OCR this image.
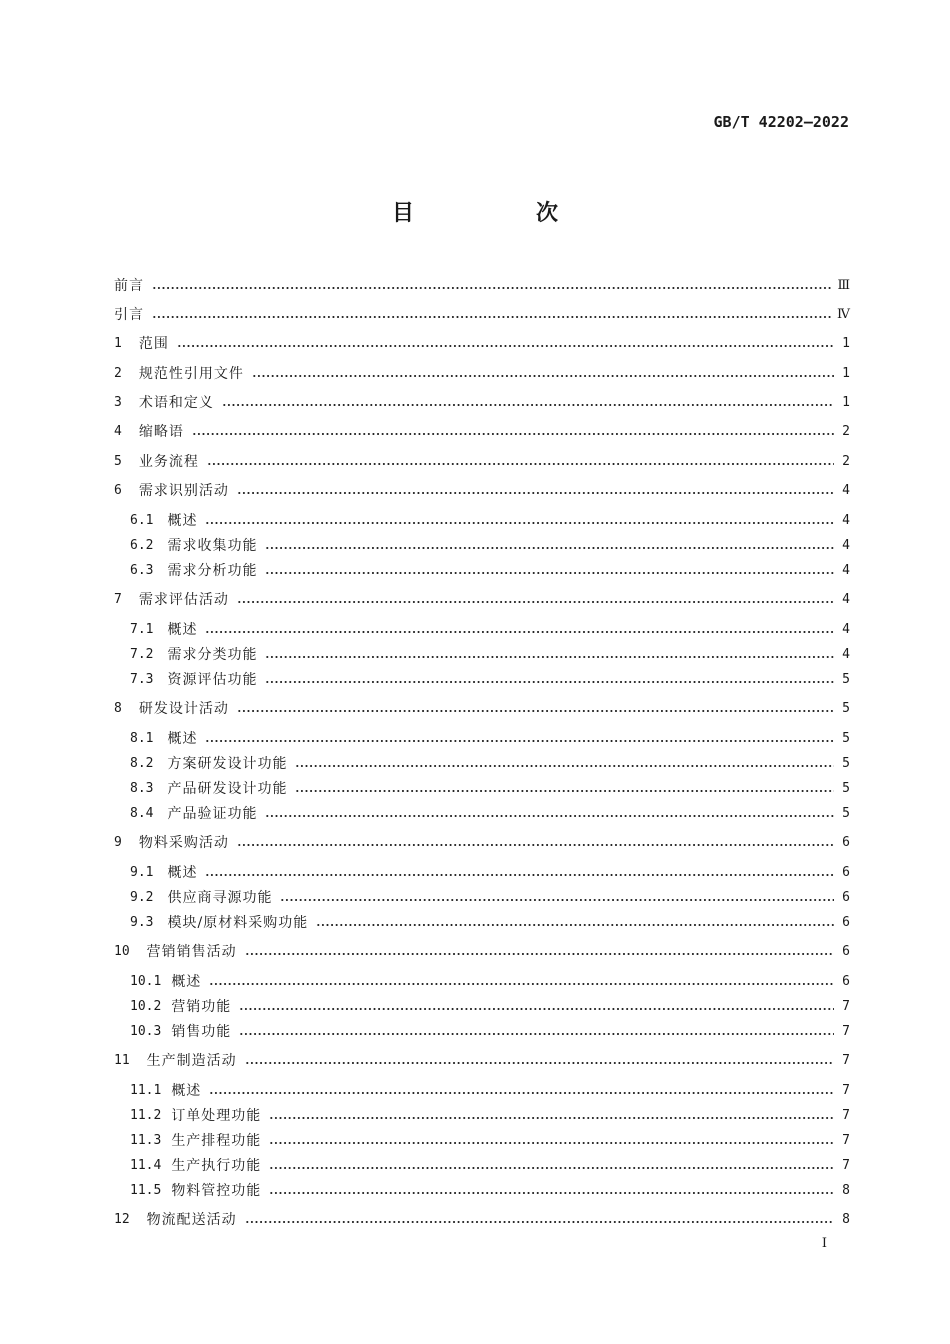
GB/T 42202—2022
目　次
前言	Ⅲ
引言	Ⅳ
1 范围	1
2 规范性引用文件	1
3 术语和定义	1
4 缩略语	2
5 业务流程	2
6 需求识别活动	4
6.1 概述	4
6.2 需求收集功能	4
6.3 需求分析功能	4
7 需求评估活动	4
7.1 概述	4
7.2 需求分类功能	4
7.3 资源评估功能	5
8 研发设计活动	5
8.1 概述	5
8.2 方案研发设计功能	5
8.3 产品研发设计功能	5
8.4 产品验证功能	5
9 物料采购活动	6
9.1 概述	6
9.2 供应商寻源功能	6
9.3 模块/原材料采购功能	6
10 营销销售活动	6
10.1 概述	6
10.2 营销功能	7
10.3 销售功能	7
11 生产制造活动	7
11.1 概述	7
11.2 订单处理功能	7
11.3 生产排程功能	7
11.4 生产执行功能	7
11.5 物料管控功能	8
12 物流配送活动	8
I
